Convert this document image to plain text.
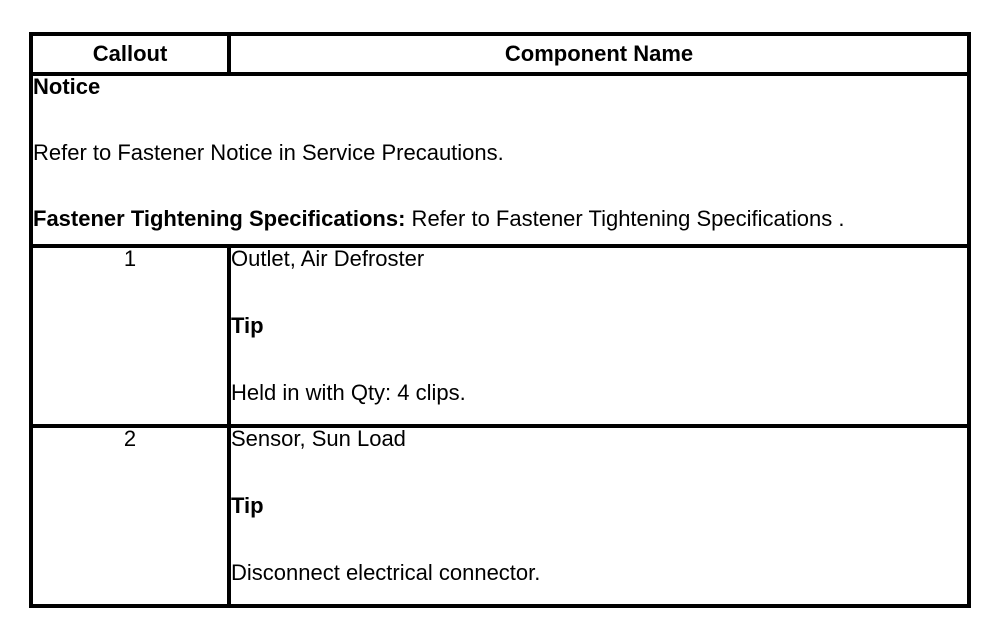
Callout	Component Name

Notice
Refer to Fastener Notice in Service Precautions.
Fastener Tightening Specifications: Refer to Fastener Tightening Specifications .	

1	Outlet, Air Defroster
Tip
Held in with Qty: 4 clips.

2	Sensor, Sun Load
Tip
Disconnect electrical connector.
